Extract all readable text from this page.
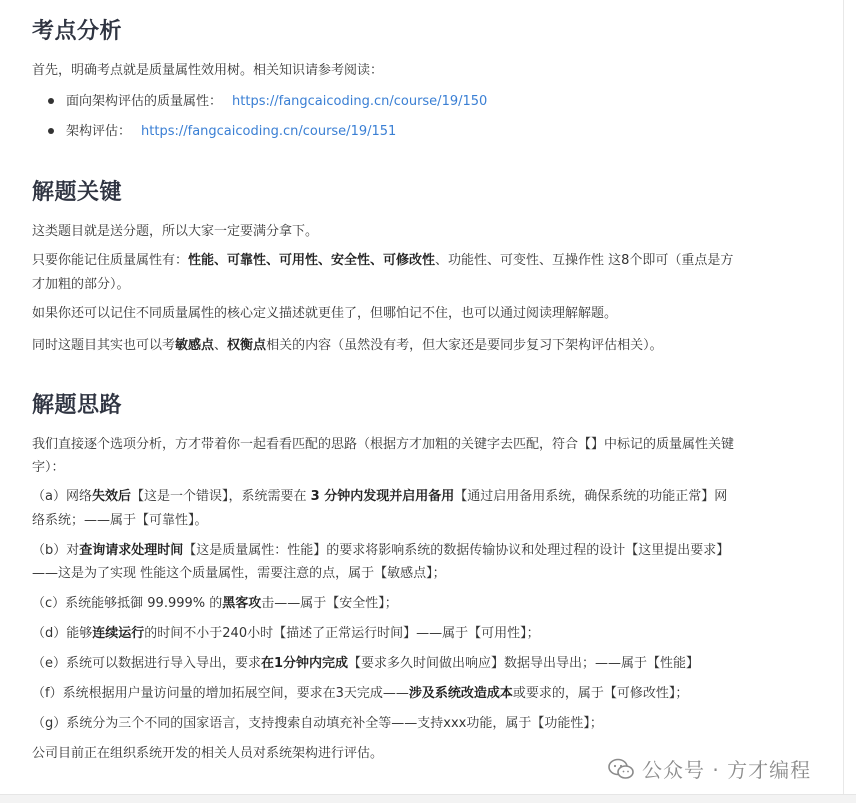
考点分析

首先，明确考点就是质量属性效用树。相关知识请参考阅读：

面向架构评估的质量属性： https://fangcaicoding.cn/course/19/150
架构评估： https://fangcaicoding.cn/course/19/151
解题关键

这类题目就是送分题，所以大家一定要满分拿下。

只要你能记住质量属性有：性能、可靠性、可用性、安全性、可修改性、功能性、可变性、互操作性 这8个即可（重点是方

才加粗的部分）。

如果你还可以记住不同质量属性的核心定义描述就更佳了，但哪怕记不住，也可以通过阅读理解解题。

同时这题目其实也可以考敏感点、权衡点相关的内容（虽然没有考，但大家还是要同步复习下架构评估相关）。

解题思路

我们直接逐个选项分析，方才带着你一起看看匹配的思路（根据方才加粗的关键字去匹配，符合【】中标记的质量属性关键

字）：

（a）网络失效后【这是一个错误】，系统需要在 3 分钟内发现并启用备用【通过启用备用系统，确保系统的功能正常】网

络系统；——属于【可靠性】。

（b）对查询请求处理时间【这是质量属性：性能】的要求将影响系统的数据传输协议和处理过程的设计【这里提出要求】

——这是为了实现 性能这个质量属性，需要注意的点，属于【敏感点】；

（c）系统能够抵御 99.999% 的黑客攻击——属于【安全性】；

（d）能够连续运行的时间不小于240小时【描述了正常运行时间】——属于【可用性】；

（e）系统可以数据进行导入导出，要求在1分钟内完成【要求多久时间做出响应】数据导出导出；——属于【性能】

（f）系统根据用户量访问量的增加拓展空间，要求在3天完成——涉及系统改造成本或要求的，属于【可修改性】；

（g）系统分为三个不同的国家语言，支持搜索自动填充补全等——支持xxx功能，属于【功能性】；

公司目前正在组织系统开发的相关人员对系统架构进行评估。

公众号 · 方才编程
